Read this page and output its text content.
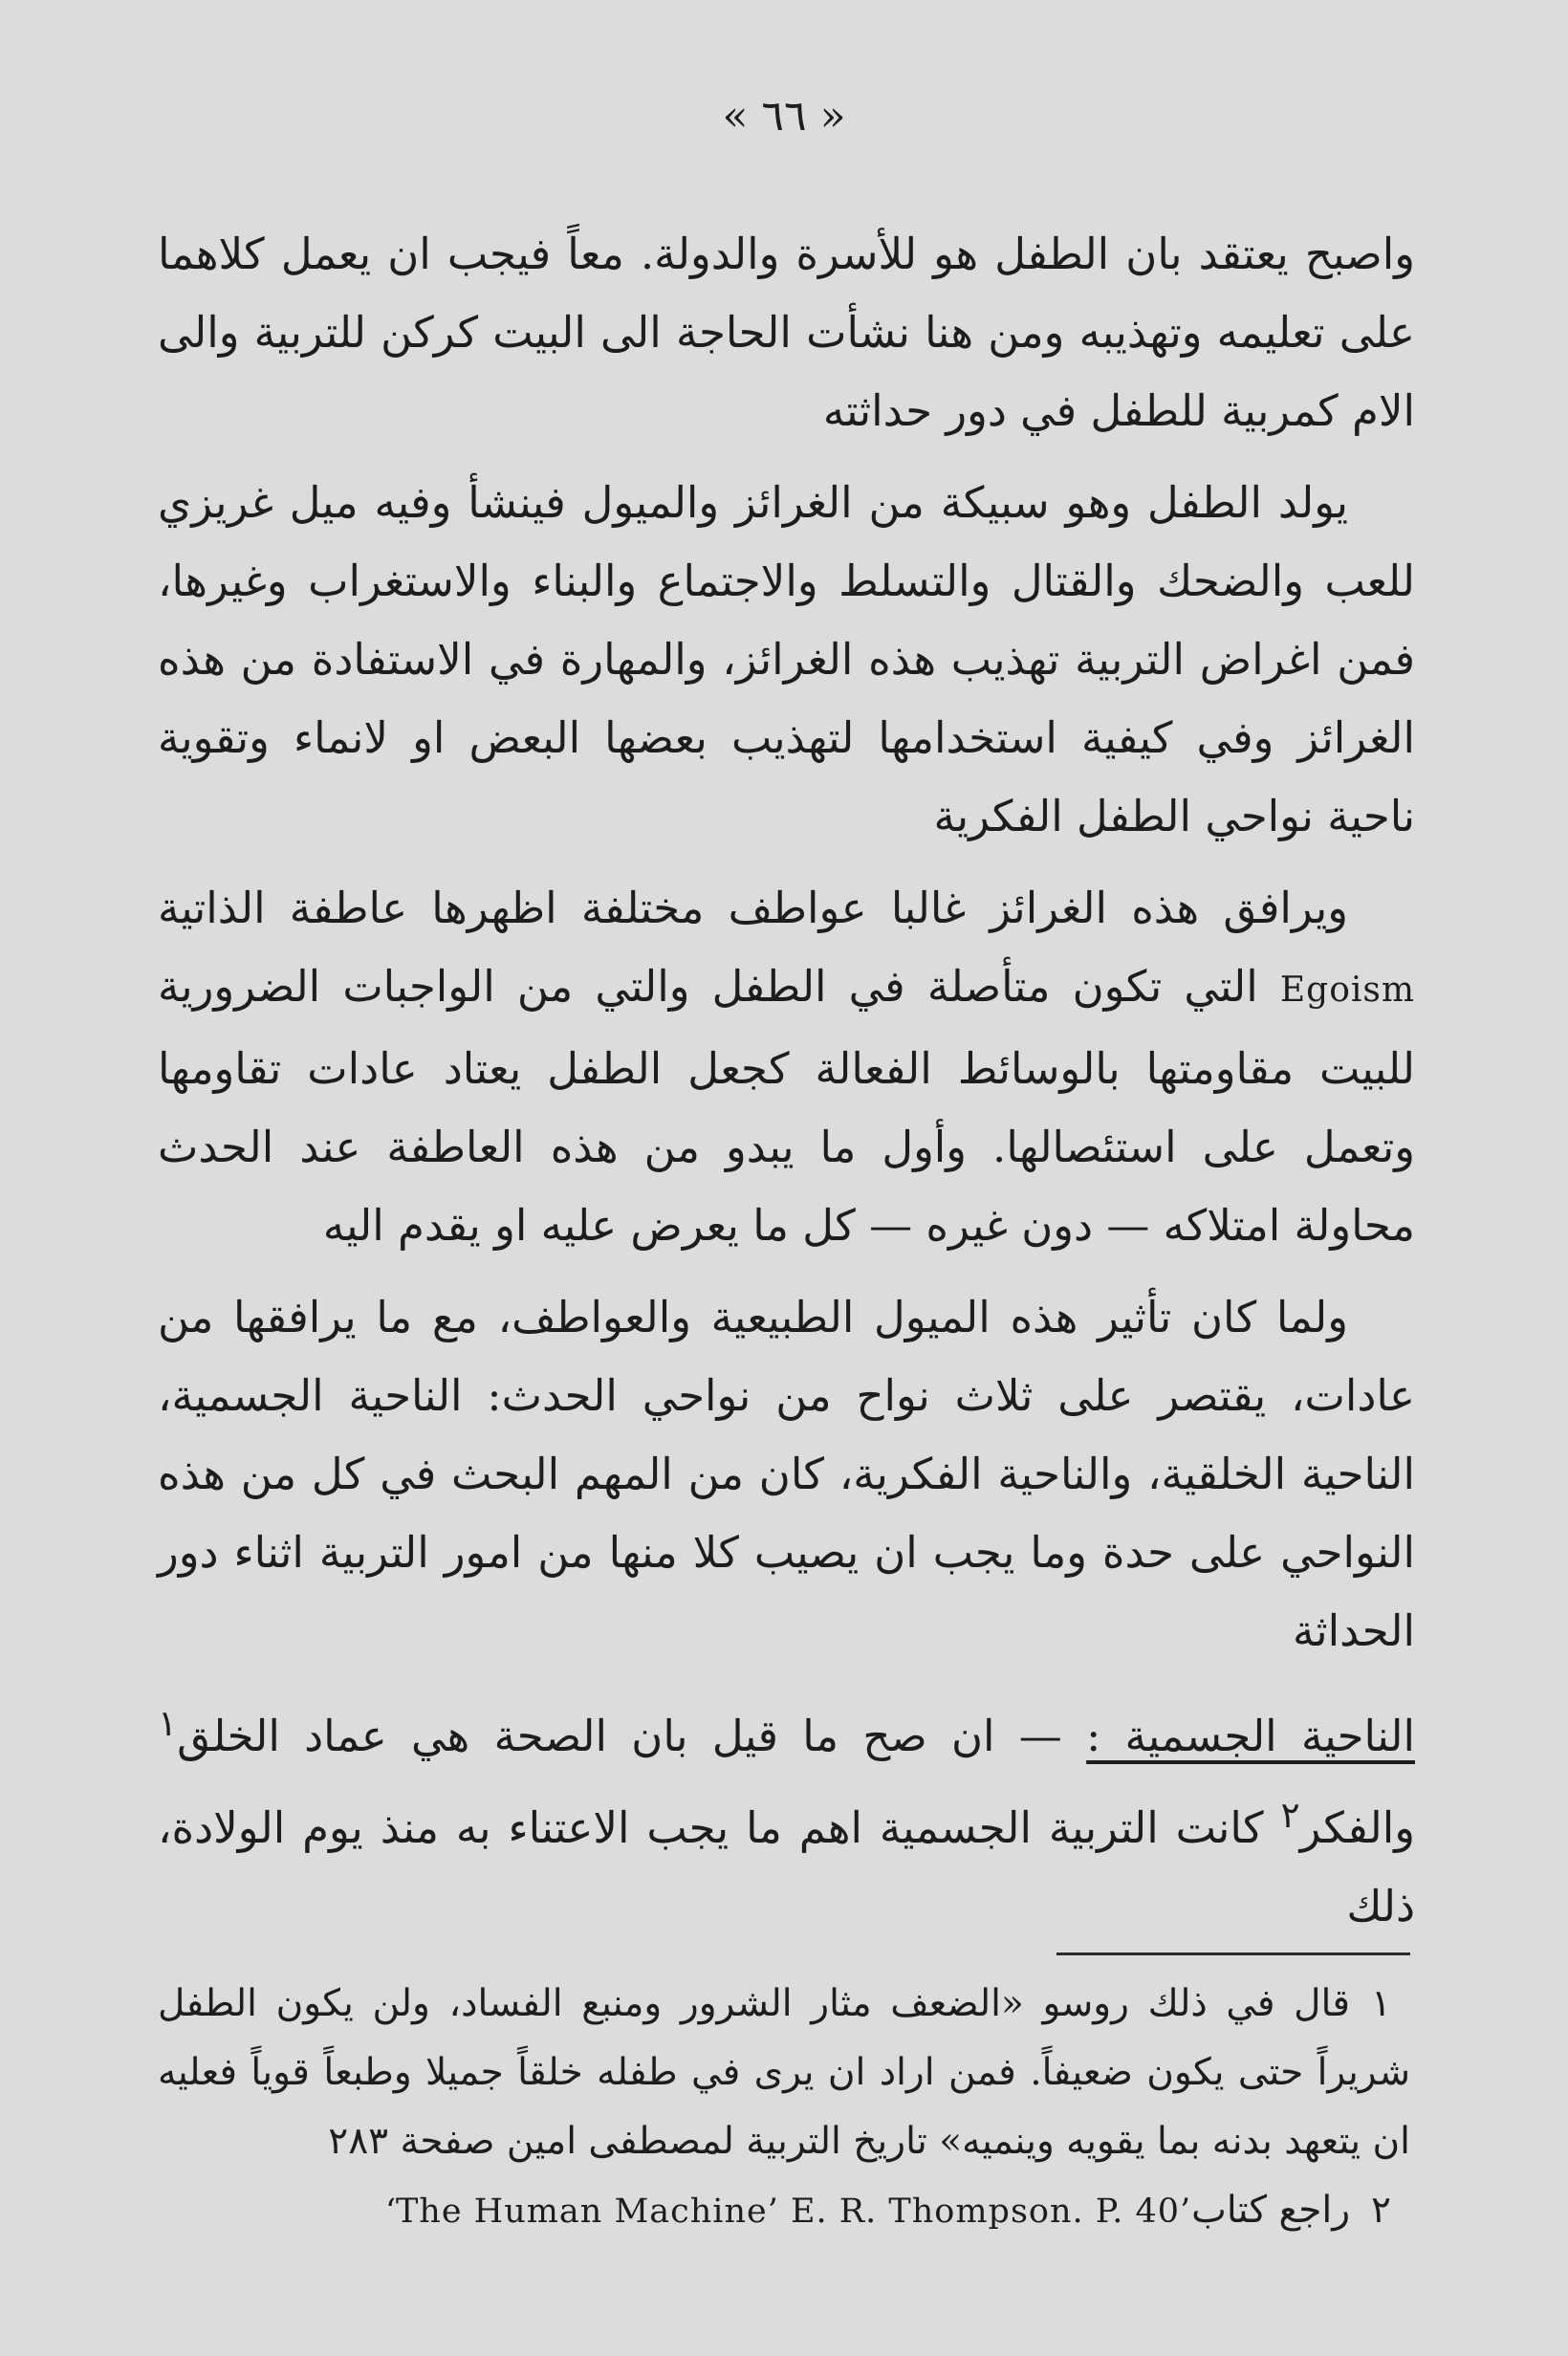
« ٦٦ »

واصبح يعتقد بان الطفل هو للأسرة والدولة. معاً فيجب ان يعمل كلاهما على تعليمه وتهذيبه ومن هنا نشأت الحاجة الى البيت كركن للتربية والى الام كمربية للطفل في دور حداثته

يولد الطفل وهو سبيكة من الغرائز والميول فينشأ وفيه ميل غريزي للعب والضحك والقتال والتسلط والاجتماع والبناء والاستغراب وغيرها، فمن اغراض التربية تهذيب هذه الغرائز، والمهارة في الاستفادة من هذه الغرائز وفي كيفية استخدامها لتهذيب بعضها البعض او لانماء وتقوية ناحية نواحي الطفل الفكرية

ويرافق هذه الغرائز غالبا عواطف مختلفة اظهرها عاطفة الذاتية Egoism التي تكون متأصلة في الطفل والتي من الواجبات الضرورية للبيت مقاومتها بالوسائط الفعالة كجعل الطفل يعتاد عادات تقاومها وتعمل على استئصالها. وأول ما يبدو من هذه العاطفة عند الحدث محاولة امتلاكه — دون غيره — كل ما يعرض عليه او يقدم اليه

ولما كان تأثير هذه الميول الطبيعية والعواطف، مع ما يرافقها من عادات، يقتصر على ثلاث نواح من نواحي الحدث: الناحية الجسمية، الناحية الخلقية، والناحية الفكرية، كان من المهم البحث في كل من هذه النواحي على حدة وما يجب ان يصيب كلا منها من امور التربية اثناء دور الحداثة

الناحية الجسمية : — ان صح ما قيل بان الصحة هي عماد الخلق$^١$ والفكر$^٢$ كانت التربية الجسمية اهم ما يجب الاعتناء به منذ يوم الولادة، ذلك

١قال في ذلك روسو «الضعف مثار الشرور ومنبع الفساد، ولن يكون الطفل شريراً حتى يكون ضعيفاً. فمن اراد ان يرى في طفله خلقاً جميلا وطبعاً قوياً فعليه ان يتعهد بدنه بما يقويه وينميه» تاريخ التربية لمصطفى امين صفحة ٢٨٣

٢راجع كتاب‘The Human Machine’ E. R. Thompson. P. 40’
